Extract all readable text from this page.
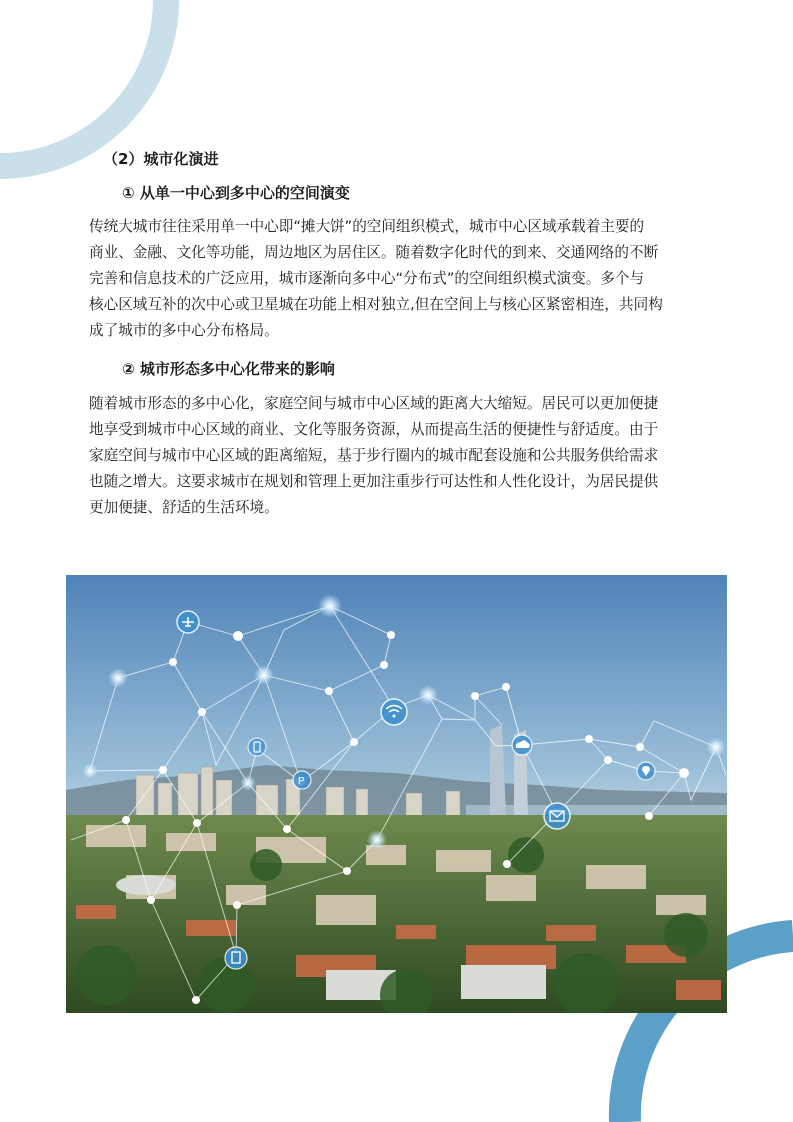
（2）城市化演进
① 从单一中心到多中心的空间演变
传统大城市往往采用单一中心即“摊大饼”的空间组织模式，城市中心区域承载着主要的
商业、金融、文化等功能，周边地区为居住区。随着数字化时代的到来、交通网络的不断
完善和信息技术的广泛应用，城市逐渐向多中心“分布式”的空间组织模式演变。多个与
核心区域互补的次中心或卫星城在功能上相对独立,但在空间上与核心区紧密相连，共同构
成了城市的多中心分布格局。
② 城市形态多中心化带来的影响
随着城市形态的多中心化，家庭空间与城市中心区域的距离大大缩短。居民可以更加便捷
地享受到城市中心区域的商业、文化等服务资源，从而提高生活的便捷性与舒适度。由于
家庭空间与城市中心区域的距离缩短，基于步行圈内的城市配套设施和公共服务供给需求
也随之增大。这要求城市在规划和管理上更加注重步行可达性和人性化设计，为居民提供
更加便捷、舒适的生活环境。
P
